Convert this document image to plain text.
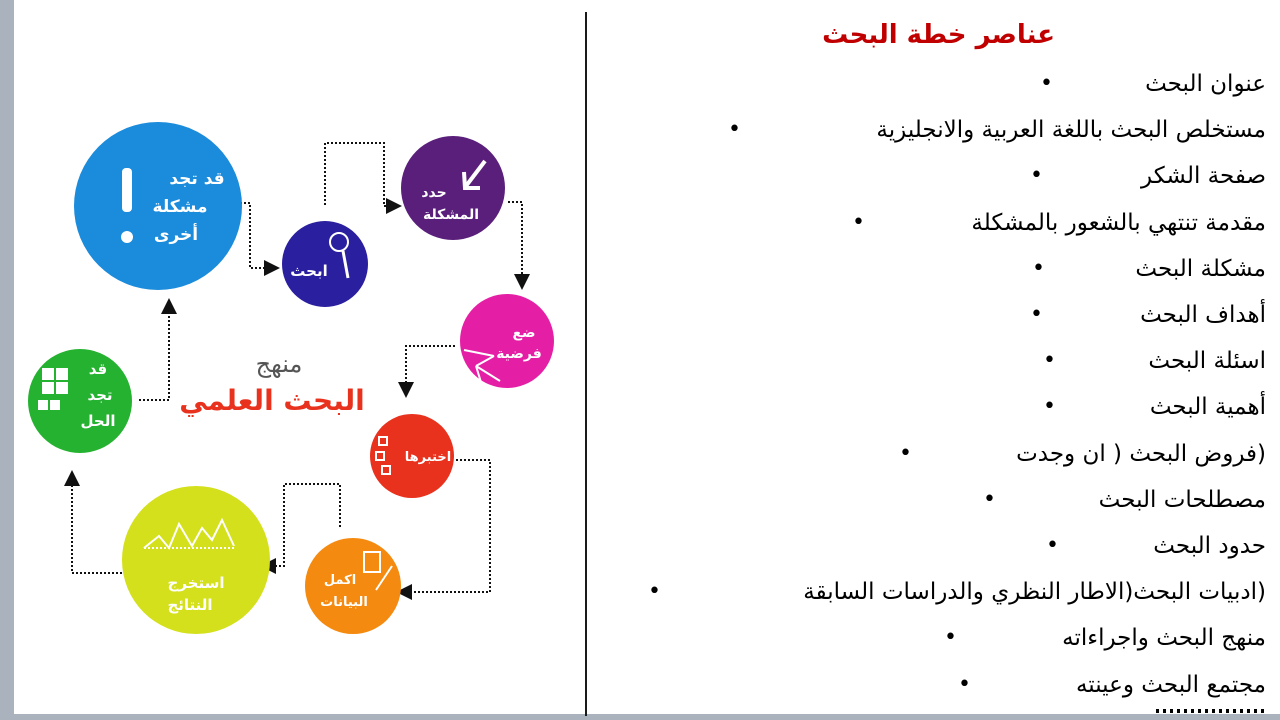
قد تجد
مشكلة
أخرى
ابحث
حدد
المشكلة
ضع
فرضية
اختبرها
اكمل
البيانات
استخرج
النتائج
قد
تجد
الحل
منهج
البحث العلمي
عناصر خطة البحث
عنوان البحث
•
مستخلص البحث باللغة العربية والانجليزية
•
صفحة الشكر
•
مقدمة تنتهي بالشعور بالمشكلة
•
مشكلة البحث
•
أهداف البحث
•
اسئلة البحث
•
أهمية البحث
•
(فروض البحث ( ان وجدت
•
مصطلحات البحث
•
حدود البحث
•
(ادبيات البحث(الاطار النظري والدراسات السابقة
•
منهج البحث واجراءاته
•
مجتمع البحث وعينته
•
